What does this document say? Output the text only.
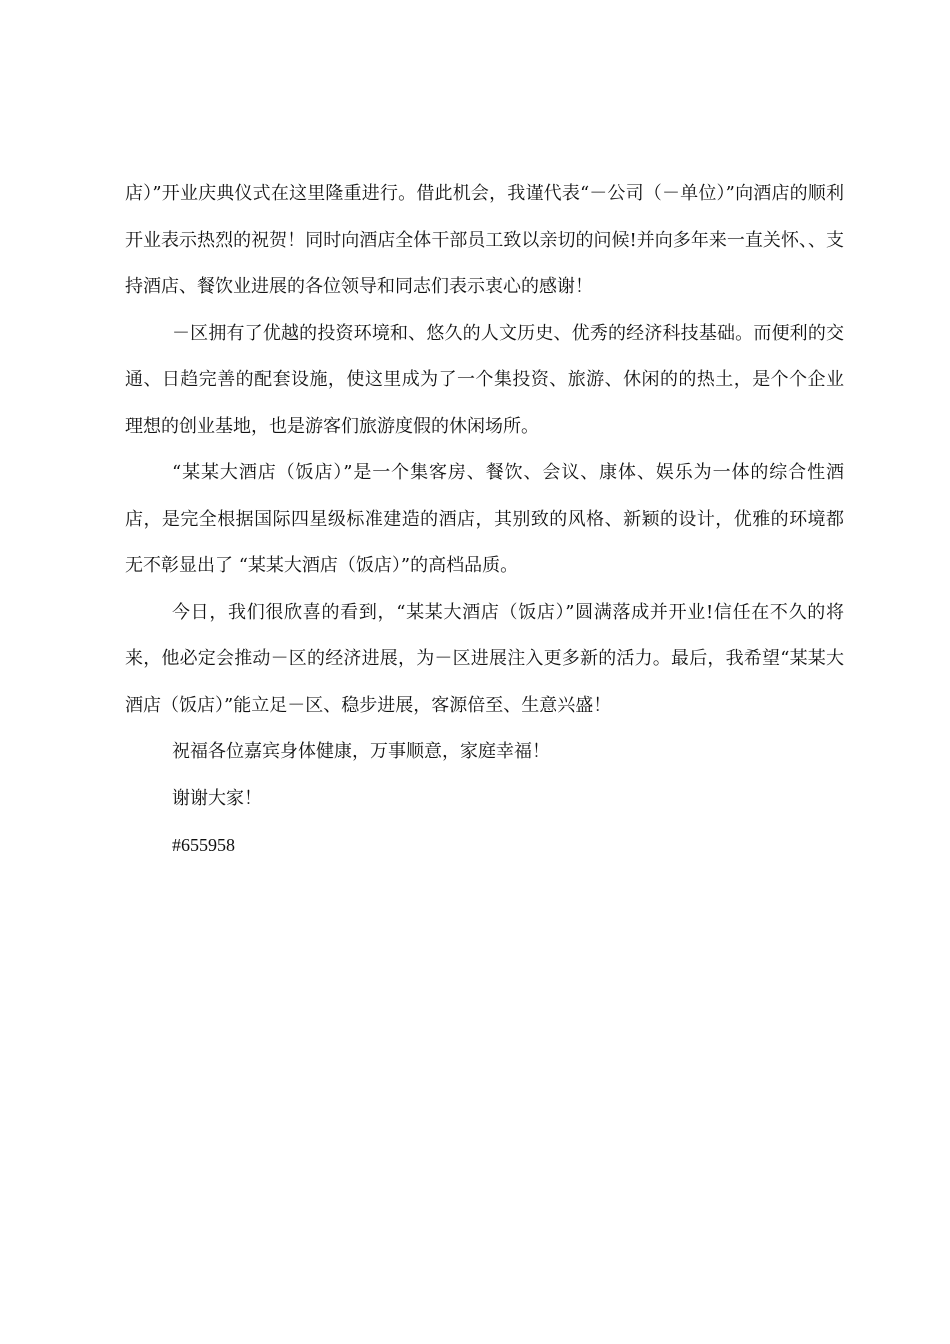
店）”开业庆典仪式在这里隆重进行。借此机会，我谨代表“－公司（－单位）”向酒店的顺利开业表示热烈的祝贺！同时向酒店全体干部员工致以亲切的问候!并向多年来一直关怀、、支持酒店、餐饮业进展的各位领导和同志们表示衷心的感谢！

－区拥有了优越的投资环境和、悠久的人文历史、优秀的经济科技基础。而便利的交通、日趋完善的配套设施，使这里成为了一个集投资、旅游、休闲的的热土，是个个企业理想的创业基地，也是游客们旅游度假的休闲场所。

“某某大酒店（饭店）”是一个集客房、餐饮、会议、康体、娱乐为一体的综合性酒店，是完全根据国际四星级标准建造的酒店，其别致的风格、新颖的设计，优雅的环境都无不彰显出了 “某某大酒店（饭店）”的高档品质。

今日，我们很欣喜的看到，“某某大酒店（饭店）”圆满落成并开业!信任在不久的将来，他必定会推动－区的经济进展，为－区进展注入更多新的活力。最后，我希望“某某大酒店（饭店）”能立足－区、稳步进展，客源倍至、生意兴盛！

祝福各位嘉宾身体健康，万事顺意，家庭幸福！

谢谢大家！

#655958
